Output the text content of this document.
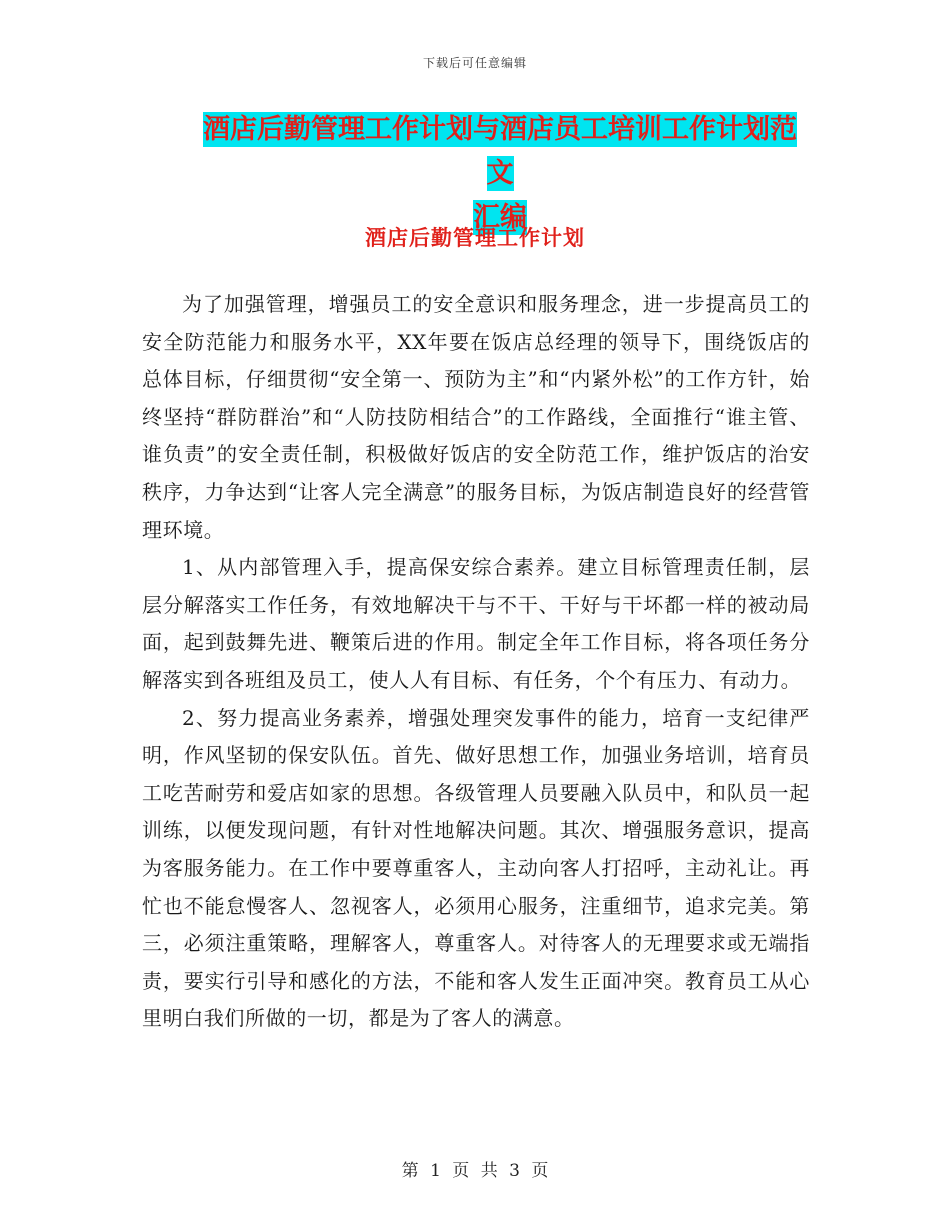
下载后可任意编辑
酒店后勤管理工作计划与酒店员工培训工作计划范文
汇编
酒店后勤管理工作计划

为了加强管理，增强员工的安全意识和服务理念，进一步提高员工的安全防范能力和服务水平，XX年要在饭店总经理的领导下，围绕饭店的总体目标，仔细贯彻“安全第一、预防为主”和“内紧外松”的工作方针，始终坚持“群防群治”和“人防技防相结合”的工作路线，全面推行“谁主管、谁负责”的安全责任制，积极做好饭店的安全防范工作，维护饭店的治安秩序，力争达到“让客人完全满意”的服务目标，为饭店制造良好的经营管理环境。

1、从内部管理入手，提高保安综合素养。建立目标管理责任制，层层分解落实工作任务，有效地解决干与不干、干好与干坏都一样的被动局面，起到鼓舞先进、鞭策后进的作用。制定全年工作目标，将各项任务分解落实到各班组及员工，使人人有目标、有任务，个个有压力、有动力。

2、努力提高业务素养，增强处理突发事件的能力，培育一支纪律严明，作风坚韧的保安队伍。首先、做好思想工作，加强业务培训，培育员工吃苦耐劳和爱店如家的思想。各级管理人员要融入队员中，和队员一起训练，以便发现问题，有针对性地解决问题。其次、增强服务意识，提高为客服务能力。在工作中要尊重客人，主动向客人打招呼，主动礼让。再忙也不能怠慢客人、忽视客人，必须用心服务，注重细节，追求完美。第三，必须注重策略，理解客人，尊重客人。对待客人的无理要求或无端指责，要实行引导和感化的方法，不能和客人发生正面冲突。教育员工从心里明白我们所做的一切，都是为了客人的满意。

第 1 页 共 3 页
